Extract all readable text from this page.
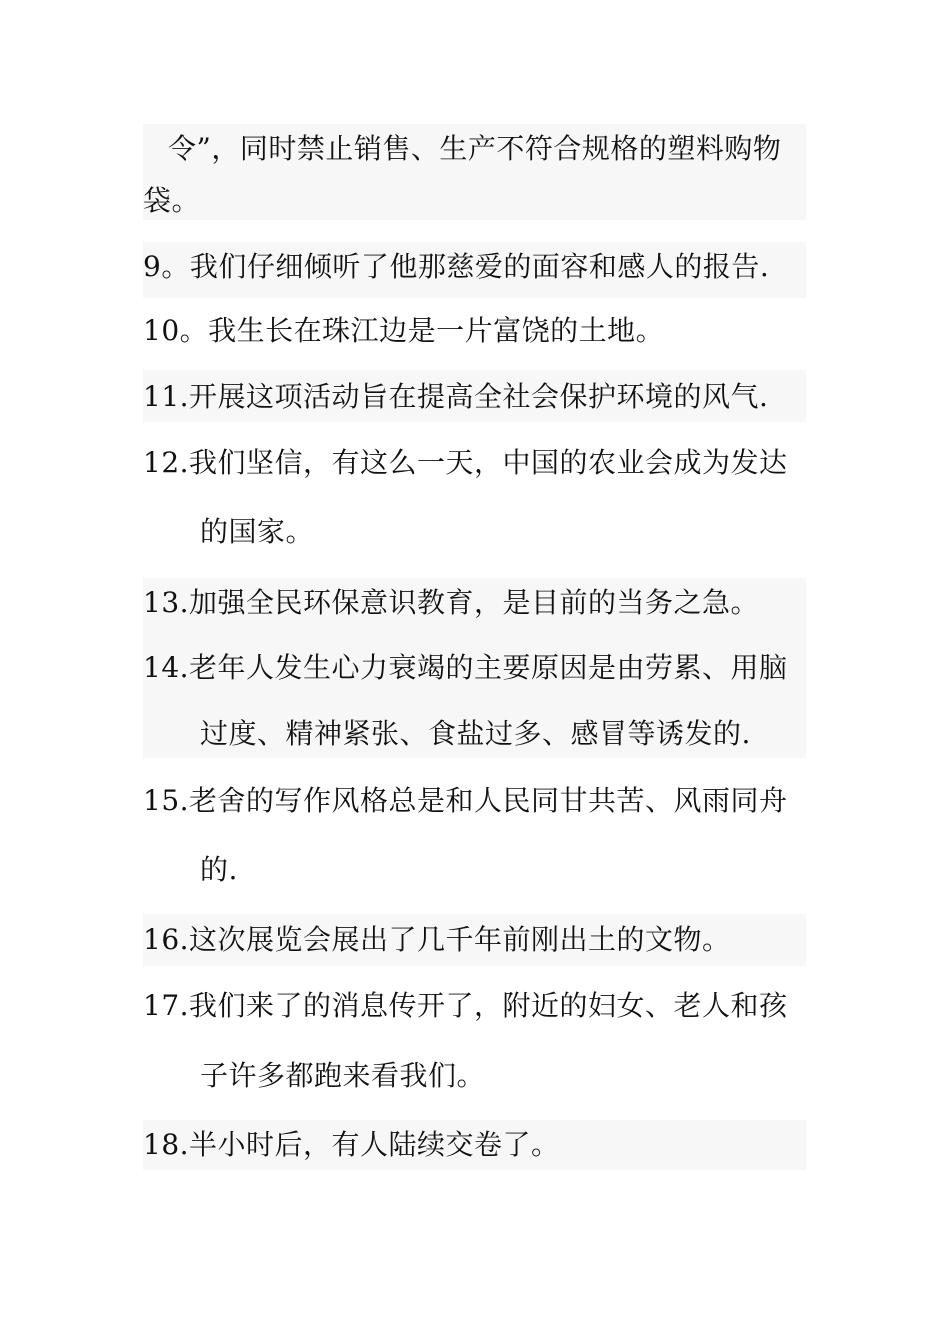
令”，同时禁止销售、生产不符合规格的塑料购物
袋。
9。我们仔细倾听了他那慈爱的面容和感人的报告.
10。我生长在珠江边是一片富饶的土地。
11.开展这项活动旨在提高全社会保护环境的风气.
12.我们坚信，有这么一天，中国的农业会成为发达
的国家。
13.加强全民环保意识教育，是目前的当务之急。
14.老年人发生心力衰竭的主要原因是由劳累、用脑
过度、精神紧张、食盐过多、感冒等诱发的.
15.老舍的写作风格总是和人民同甘共苦、风雨同舟
的.
16.这次展览会展出了几千年前刚出土的文物。
17.我们来了的消息传开了，附近的妇女、老人和孩
子许多都跑来看我们。
18.半小时后，有人陆续交卷了。
